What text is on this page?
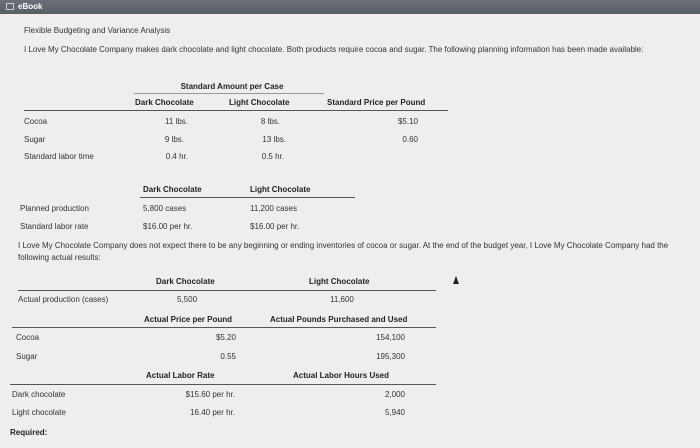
eBook
Flexible Budgeting and Variance Analysis
I Love My Chocolate Company makes dark chocolate and light chocolate. Both products require cocoa and sugar. The following planning information has been made available:
Standard Amount per Case
Dark Chocolate	Light Chocolate	Standard Price per Pound
Cocoa	11 lbs.	8 lbs.	$5.10
Sugar	9 lbs.	13 lbs.	0.60
Standard labor time	0.4 hr.	0.5 hr.
Dark Chocolate	Light Chocolate
Planned production	5,800 cases	11,200 cases
Standard labor rate	$16.00 per hr.	$16.00 per hr.
I Love My Chocolate Company does not expect there to be any beginning or ending inventories of cocoa or sugar. At the end of the budget year, I Love My Chocolate Company had the following actual results:
Dark Chocolate	Light Chocolate
Actual production (cases)	5,500	11,600
Actual Price per Pound	Actual Pounds Purchased and Used
Cocoa	$5.20	154,100
Sugar	0.55	195,300
Actual Labor Rate	Actual Labor Hours Used
Dark chocolate	$15.60 per hr.	2,000
Light chocolate	16.40 per hr.	5,940
Required:
